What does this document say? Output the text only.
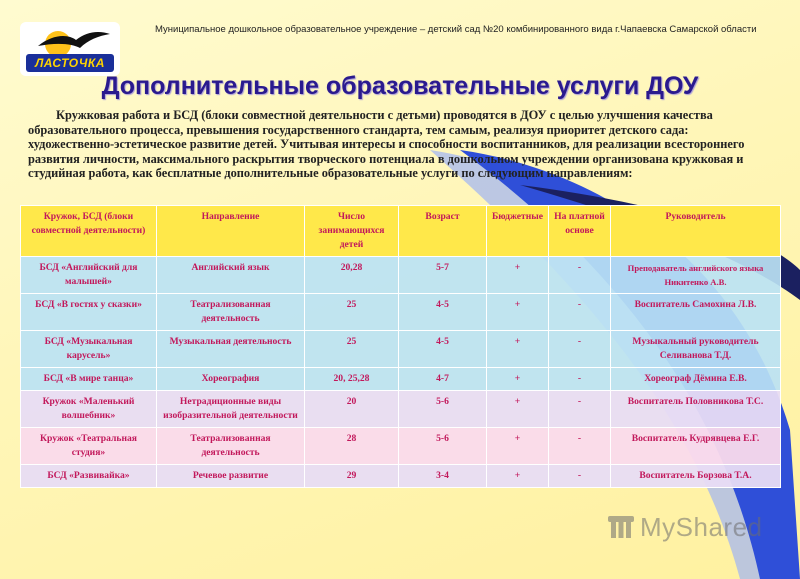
ЛАСТОЧКА
Муниципальное дошкольное образовательное учреждение – детский сад №20 комбинированного вида г.Чапаевска Самарской области
Дополнительные образовательные услуги ДОУ
Кружковая работа и БСД (блоки совместной деятельности с детьми) проводятся в ДОУ с целью улучшения качества образовательного процесса, превышения государственного стандарта, тем самым, реализуя приоритет детского сада: художественно-эстетическое развитие детей. Учитывая интересы и способности воспитанников, для реализации всестороннего развития личности, максимального раскрытия творческого потенциала в дошкольном учреждении организована кружковая и студийная работа, как бесплатные дополнительные образовательные услуги по следующим направлениям:
Кружок, БСД (блоки совместной деятельности)	Направление	Число занимающихся детей	Возраст	Бюджетные	На платной основе	Руководитель
БСД «Английский для малышей»	Английский язык	20,28	5-7	+	-	Преподаватель английского языка Никитенко А.В.
БСД «В гостях у сказки»	Театрализованная деятельность	25	4-5	+	-	Воспитатель Самохина Л.В.
БСД «Музыкальная карусель»	Музыкальная деятельность	25	4-5	+	-	Музыкальный руководитель Селиванова Т.Д.
БСД «В мире танца»	Хореография	20, 25,28	4-7	+	-	Хореограф Дёмина Е.В.
Кружок «Маленький волшебник»	Нетрадиционные виды изобразительной деятельности	20	5-6	+	-	Воспитатель Половникова Т.С.
Кружок «Театральная студия»	Театрализованная деятельность	28	5-6	+	-	Воспитатель Кудрявцева Е.Г.
БСД «Развивайка»	Речевое развитие	29	3-4	+	-	Воспитатель Борзова Т.А.
MyShared
